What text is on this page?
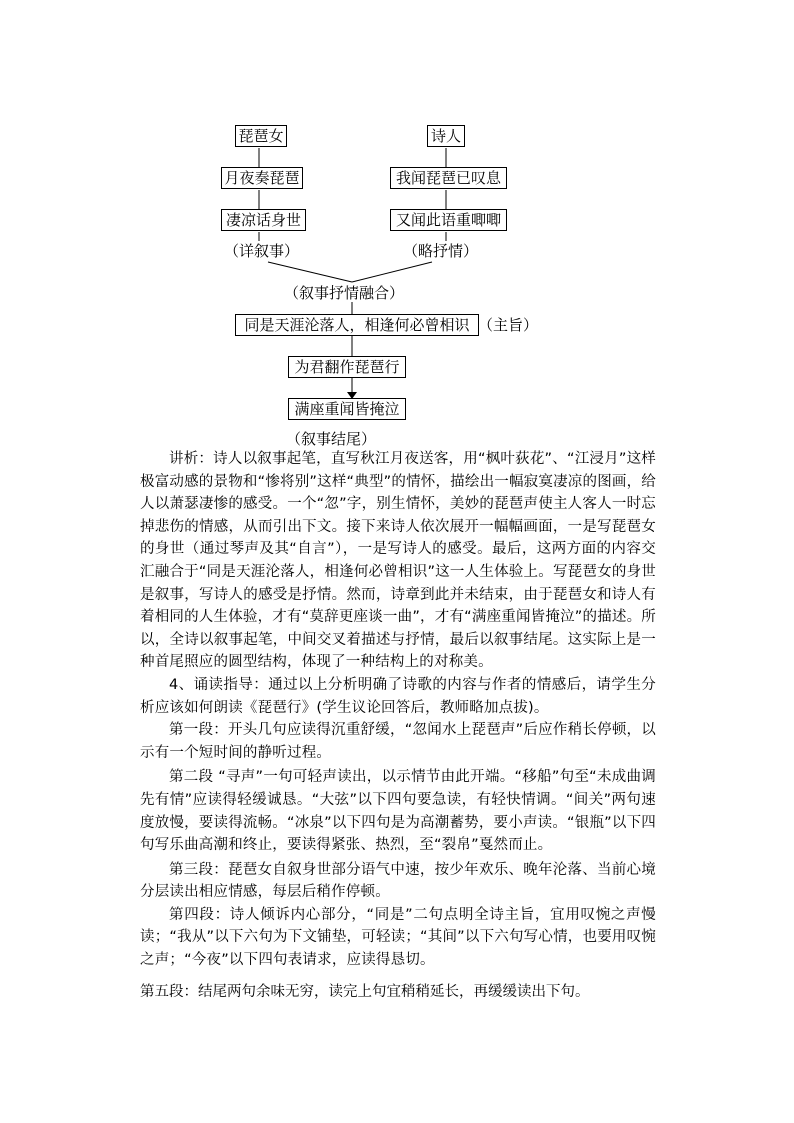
琵琶女
月夜奏琵琶
凄凉话身世
（详叙事）
诗人
我闻琵琶已叹息
又闻此语重唧唧
（略抒情）
（叙事抒情融合）
同是天涯沦落人，相逢何必曾相识 （主旨）
为君翻作琵琶行
满座重闻皆掩泣
（叙事结尾）

讲析：诗人以叙事起笔，直写秋江月夜送客，用“枫叶荻花”、“江浸月”这样极富动感的景物和“惨将别”这样“典型”的情怀，描绘出一幅寂寞凄凉的图画，给人以萧瑟凄惨的感受。一个“忽”字，别生情怀，美妙的琵琶声使主人客人一时忘掉悲伤的情感，从而引出下文。接下来诗人依次展开一幅幅画面，一是写琵琶女的身世（通过琴声及其“自言”），一是写诗人的感受。最后，这两方面的内容交汇融合于“同是天涯沦落人，相逢何必曾相识”这一人生体验上。写琵琶女的身世是叙事，写诗人的感受是抒情。然而，诗章到此并未结束，由于琵琶女和诗人有着相同的人生体验，才有“莫辞更座谈一曲”，才有“满座重闻皆掩泣”的描述。所以，全诗以叙事起笔，中间交叉着描述与抒情，最后以叙事结尾。这实际上是一种首尾照应的圆型结构，体现了一种结构上的对称美。

4、诵读指导：通过以上分析明确了诗歌的内容与作者的情感后，请学生分析应该如何朗读《琵琶行》(学生议论回答后，教师略加点拔)。

第一段：开头几句应读得沉重舒缓，“忽闻水上琵琶声”后应作稍长停顿，以示有一个短时间的静听过程。

第二段 “寻声”一句可轻声读出，以示情节由此开端。“移船”句至“未成曲调先有情”应读得轻缓诚恳。“大弦”以下四句要急读，有轻快情调。“间关”两句速度放慢，要读得流畅。“冰泉”以下四句是为高潮蓄势，要小声读。“银瓶”以下四句写乐曲高潮和终止，要读得紧张、热烈，至“裂帛”戛然而止。

第三段：琵琶女自叙身世部分语气中速，按少年欢乐、晚年沦落、当前心境分层读出相应情感，每层后稍作停顿。

第四段：诗人倾诉内心部分，“同是”二句点明全诗主旨，宜用叹惋之声慢读；“我从”以下六句为下文铺垫，可轻读；“其间”以下六句写心情，也要用叹惋之声；“今夜”以下四句表请求，应读得恳切。

第五段：结尾两句余味无穷，读完上句宜稍稍延长，再缓缓读出下句。
